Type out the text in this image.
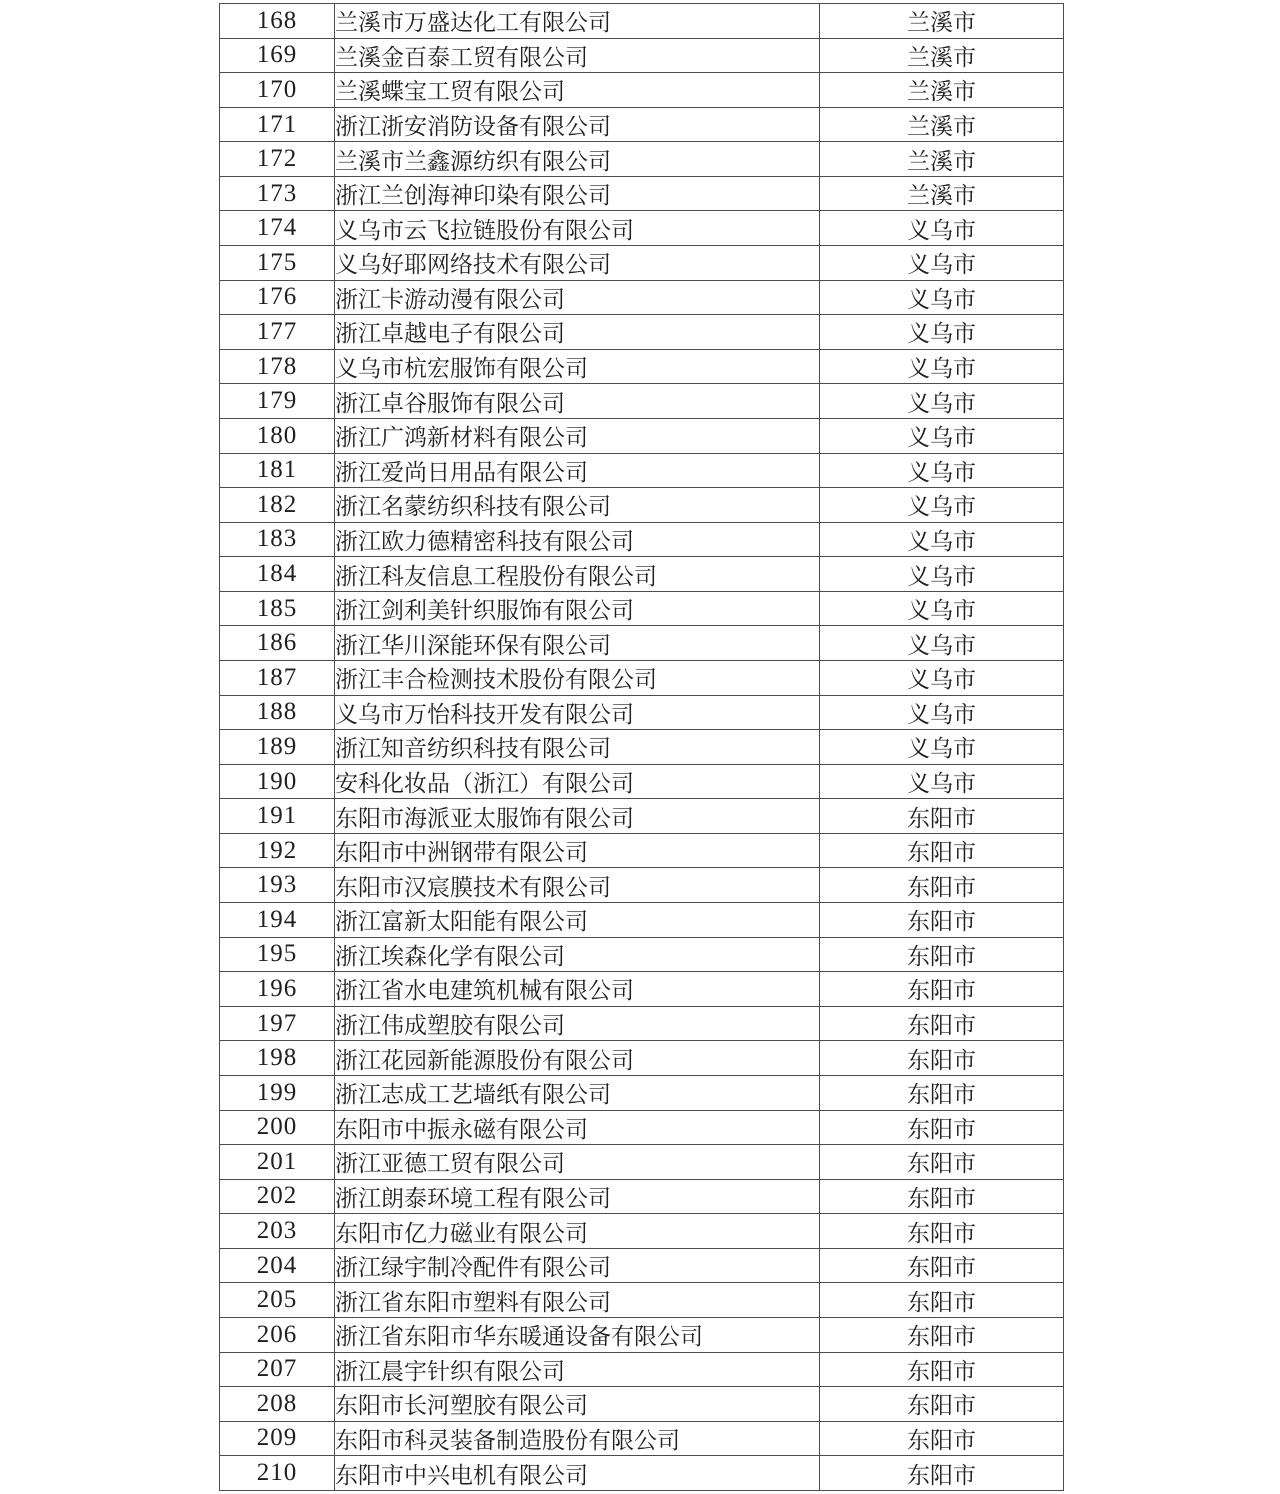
168	兰溪市万盛达化工有限公司	兰溪市
169	兰溪金百泰工贸有限公司	兰溪市
170	兰溪蝶宝工贸有限公司	兰溪市
171	浙江浙安消防设备有限公司	兰溪市
172	兰溪市兰鑫源纺织有限公司	兰溪市
173	浙江兰创海神印染有限公司	兰溪市
174	义乌市云飞拉链股份有限公司	义乌市
175	义乌好耶网络技术有限公司	义乌市
176	浙江卡游动漫有限公司	义乌市
177	浙江卓越电子有限公司	义乌市
178	义乌市杭宏服饰有限公司	义乌市
179	浙江卓谷服饰有限公司	义乌市
180	浙江广鸿新材料有限公司	义乌市
181	浙江爱尚日用品有限公司	义乌市
182	浙江名蒙纺织科技有限公司	义乌市
183	浙江欧力德精密科技有限公司	义乌市
184	浙江科友信息工程股份有限公司	义乌市
185	浙江剑利美针织服饰有限公司	义乌市
186	浙江华川深能环保有限公司	义乌市
187	浙江丰合检测技术股份有限公司	义乌市
188	义乌市万怡科技开发有限公司	义乌市
189	浙江知音纺织科技有限公司	义乌市
190	安科化妆品（浙江）有限公司	义乌市
191	东阳市海派亚太服饰有限公司	东阳市
192	东阳市中洲钢带有限公司	东阳市
193	东阳市汉宸膜技术有限公司	东阳市
194	浙江富新太阳能有限公司	东阳市
195	浙江埃森化学有限公司	东阳市
196	浙江省水电建筑机械有限公司	东阳市
197	浙江伟成塑胶有限公司	东阳市
198	浙江花园新能源股份有限公司	东阳市
199	浙江志成工艺墙纸有限公司	东阳市
200	东阳市中振永磁有限公司	东阳市
201	浙江亚德工贸有限公司	东阳市
202	浙江朗泰环境工程有限公司	东阳市
203	东阳市亿力磁业有限公司	东阳市
204	浙江绿宇制冷配件有限公司	东阳市
205	浙江省东阳市塑料有限公司	东阳市
206	浙江省东阳市华东暖通设备有限公司	东阳市
207	浙江晨宇针织有限公司	东阳市
208	东阳市长河塑胶有限公司	东阳市
209	东阳市科灵装备制造股份有限公司	东阳市
210	东阳市中兴电机有限公司	东阳市
